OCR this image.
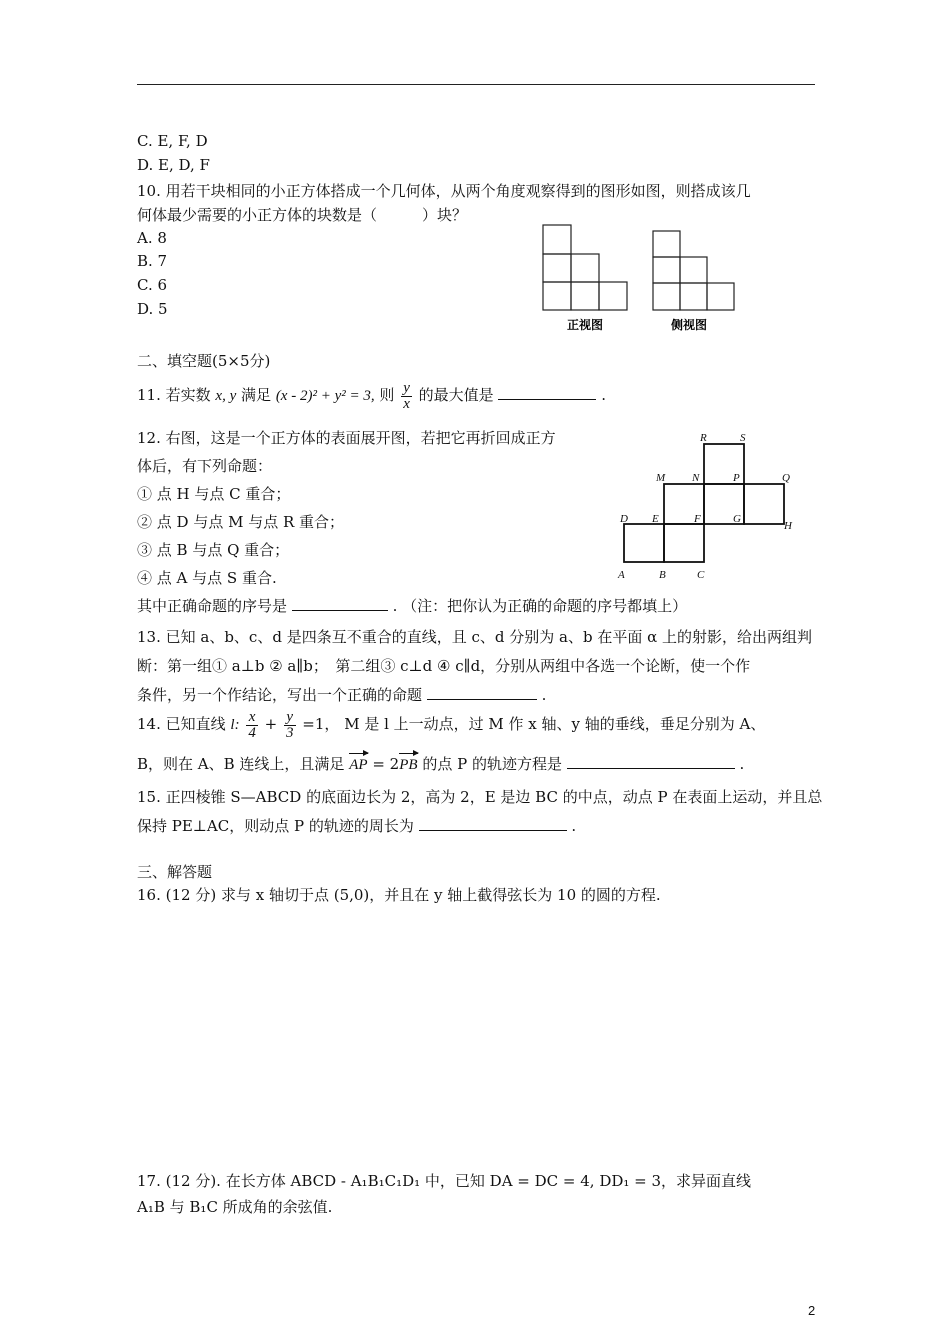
C. E, F, D
D. E, D, F
10. 用若干块相同的小正方体搭成一个几何体，从两个角度观察得到的图形如图，则搭成该几
何体最少需要的小正方体的块数是（　　　）块？
A. 8
B. 7
C. 6
D. 5
正视图	侧视图
二、填空题(5×5分)
11. 若实数 x, y 满足 (x - 2)² + y² = 3, 则 $\frac{y}{x}$ 的最大值是	.
12. 右图，这是一个正方体的表面展开图，若把它再折回成正方
体后，有下列命题：
① 点 H 与点 C 重合；
② 点 D 与点 M 与点 R 重合；
③ 点 B 与点 Q 重合；
④ 点 A 与点 S 重合.
其中正确命题的序号是	. （注：把你认为正确的命题的序号都填上）
R	S
M N	P	Q
D E	F	G
H
A	B	C
13. 已知 a、b、c、d 是四条互不重合的直线，且 c、d 分别为 a、b 在平面 α 上的射影，给出两组判
断：第一组① a⊥b ② a∥b；　第二组③ c⊥d ④ c∥d，分别从两组中各选一个论断，使一个作
条件，另一个作结论，写出一个正确的命题	.
14. 已知直线 l: $\frac{x}{4} + \frac{y}{3} =1$， M 是 l 上一动点，过 M 作 x 轴、y 轴的垂线，垂足分别为 A、
B，则在 A、B 连线上，且满足 AP = 2PB 的点 P 的轨迹方程是	.
15. 正四棱锥 S—ABCD 的底面边长为 2，高为 2，E 是边 BC 的中点，动点 P 在表面上运动，并且总
保持 PE⊥AC，则动点 P 的轨迹的周长为	.
三、解答题
16. (12 分) 求与 x 轴切于点 (5,0)，并且在 y 轴上截得弦长为 10 的圆的方程.
17. (12 分). 在长方体 ABCD - A₁B₁C₁D₁ 中，已知 DA = DC = 4, DD₁ = 3，求异面直线
A₁B 与 B₁C 所成角的余弦值.
2
